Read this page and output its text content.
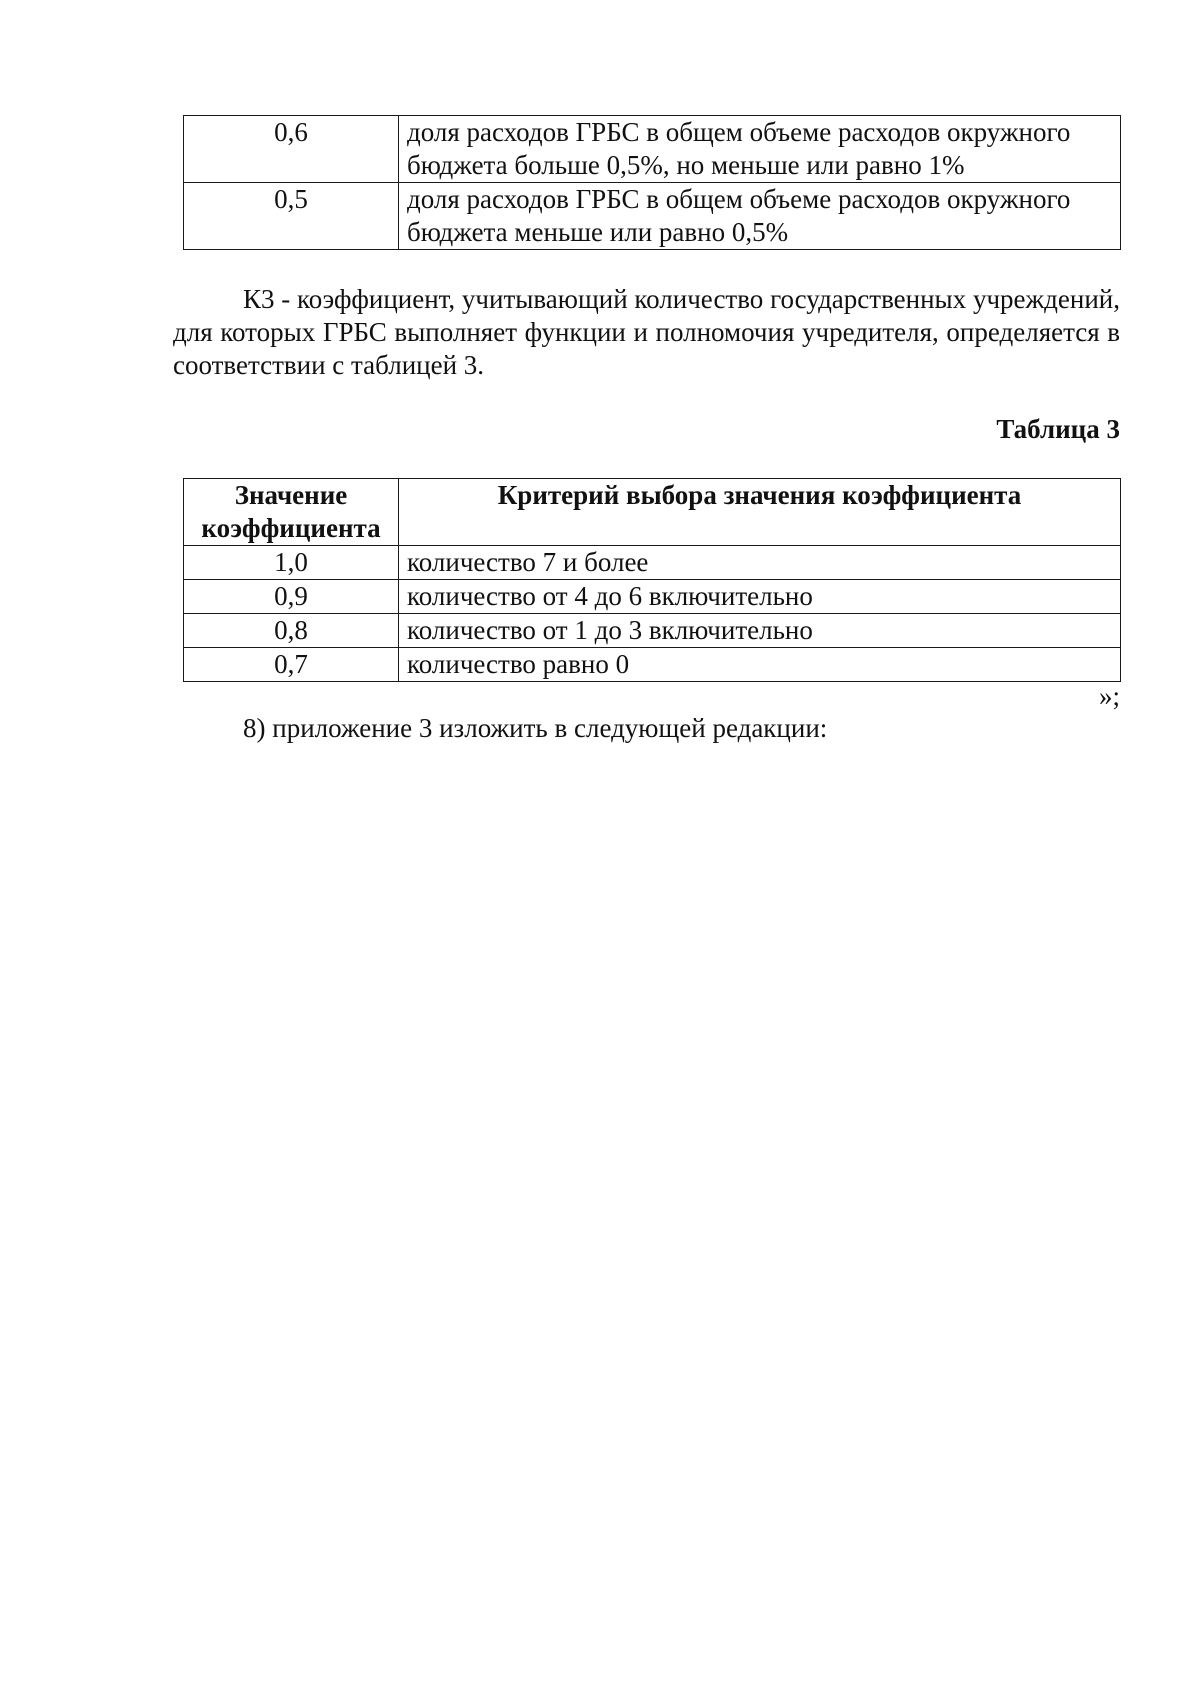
0,6	доля расходов ГРБС в общем объеме расходов окружного бюджета больше 0,5%, но меньше или равно 1%
0,5	доля расходов ГРБС в общем объеме расходов окружного бюджета меньше или равно 0,5%

К3 - коэффициент, учитывающий количество государственных учреждений, для которых ГРБС выполняет функции и полномочия учредителя, определяется в соответствии с таблицей 3.

Таблица 3
Значение коэффициента	Критерий выбора значения коэффициента
1,0	количество 7 и более
0,9	количество от 4 до 6 включительно
0,8	количество от 1 до 3 включительно
0,7	количество равно 0
»;
8) приложение 3 изложить в следующей редакции:
